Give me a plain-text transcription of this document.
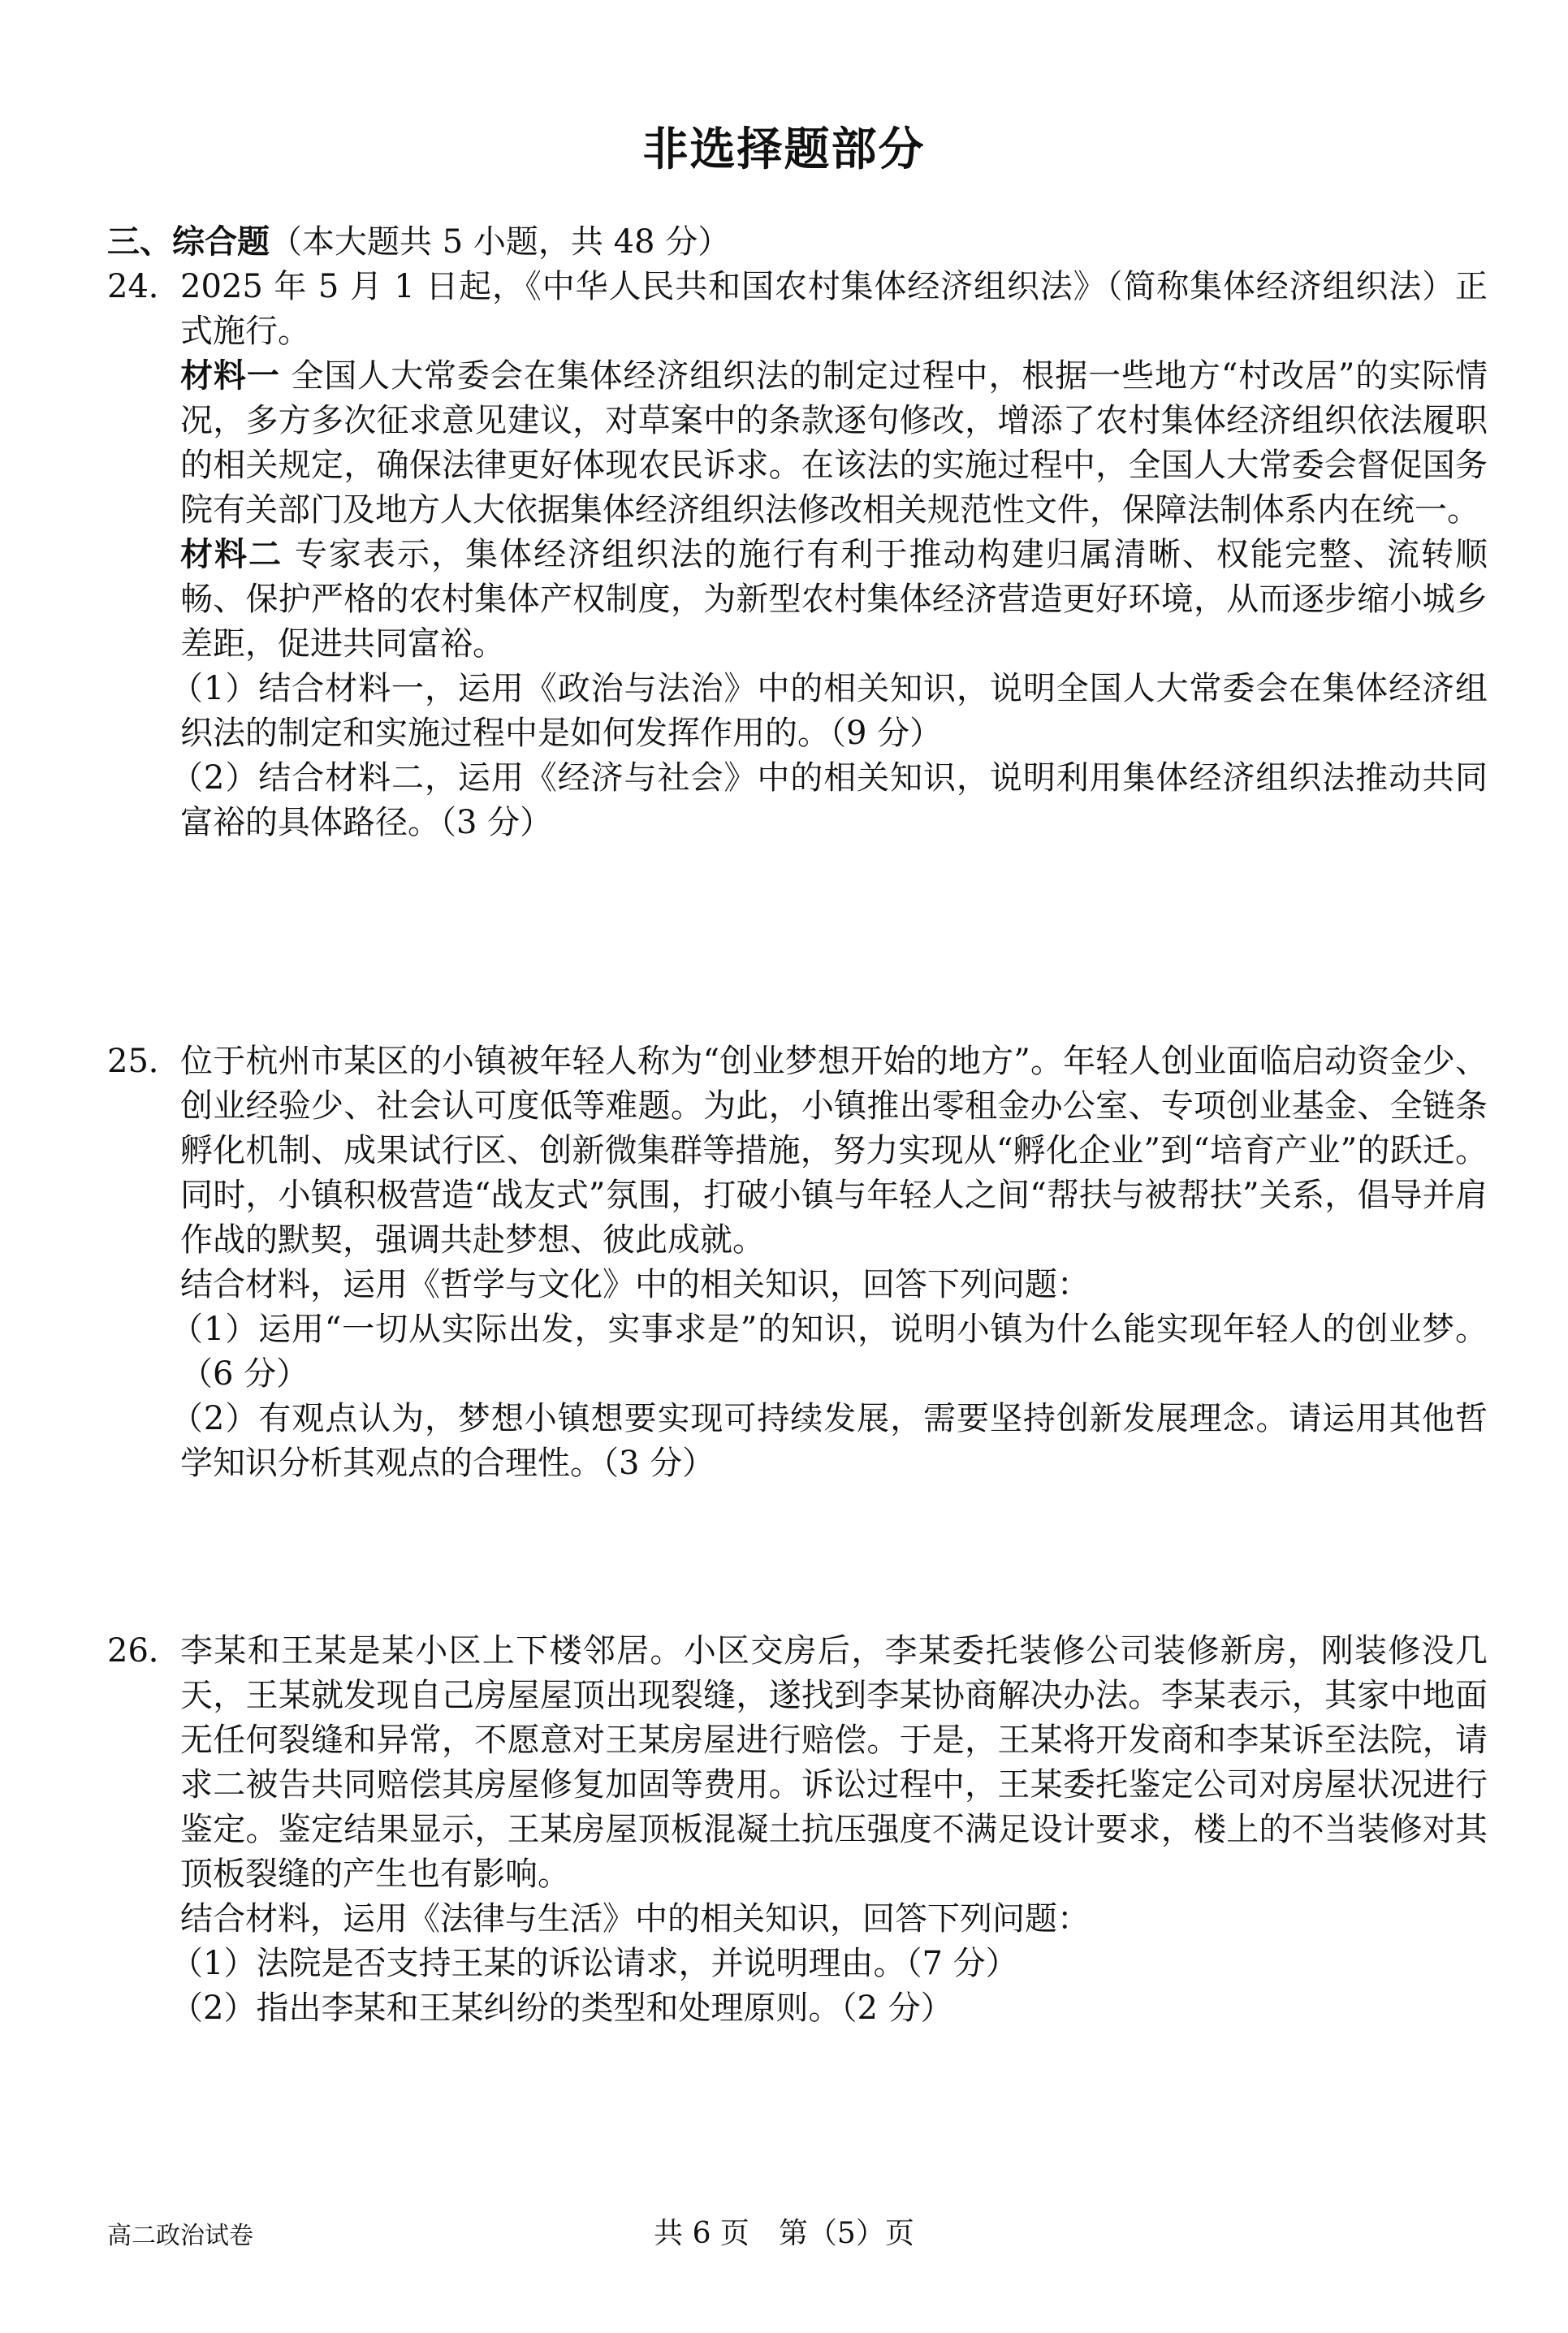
非选择题部分
三、综合题（本大题共 5 小题，共 48 分）
24． 2025 年 5 月 1 日起，《中华人民共和国农村集体经济组织法》（简称集体经济组织法）正式施行。

材料一 全国人大常委会在集体经济组织法的制定过程中，根据一些地方“村改居”的实际情况，多方多次征求意见建议，对草案中的条款逐句修改，增添了农村集体经济组织依法履职的相关规定，确保法律更好体现农民诉求。在该法的实施过程中，全国人大常委会督促国务院有关部门及地方人大依据集体经济组织法修改相关规范性文件，保障法制体系内在统一。

材料二 专家表示，集体经济组织法的施行有利于推动构建归属清晰、权能完整、流转顺畅、保护严格的农村集体产权制度，为新型农村集体经济营造更好环境，从而逐步缩小城乡差距，促进共同富裕。

（1）结合材料一，运用《政治与法治》中的相关知识，说明全国人大常委会在集体经济组织法的制定和实施过程中是如何发挥作用的。（9 分）

（2）结合材料二，运用《经济与社会》中的相关知识，说明利用集体经济组织法推动共同富裕的具体路径。（3 分）

25． 位于杭州市某区的小镇被年轻人称为“创业梦想开始的地方”。年轻人创业面临启动资金少、创业经验少、社会认可度低等难题。为此，小镇推出零租金办公室、专项创业基金、全链条孵化机制、成果试行区、创新微集群等措施，努力实现从“孵化企业”到“培育产业”的跃迁。同时，小镇积极营造“战友式”氛围，打破小镇与年轻人之间“帮扶与被帮扶”关系，倡导并肩作战的默契，强调共赴梦想、彼此成就。

结合材料，运用《哲学与文化》中的相关知识，回答下列问题：

（1）运用“一切从实际出发，实事求是”的知识，说明小镇为什么能实现年轻人的创业梦。（6 分）

（2）有观点认为，梦想小镇想要实现可持续发展，需要坚持创新发展理念。请运用其他哲学知识分析其观点的合理性。（3 分）

26． 李某和王某是某小区上下楼邻居。小区交房后，李某委托装修公司装修新房，刚装修没几天，王某就发现自己房屋屋顶出现裂缝，遂找到李某协商解决办法。李某表示，其家中地面无任何裂缝和异常，不愿意对王某房屋进行赔偿。于是，王某将开发商和李某诉至法院，请求二被告共同赔偿其房屋修复加固等费用。诉讼过程中，王某委托鉴定公司对房屋状况进行鉴定。鉴定结果显示，王某房屋顶板混凝土抗压强度不满足设计要求，楼上的不当装修对其顶板裂缝的产生也有影响。

结合材料，运用《法律与生活》中的相关知识，回答下列问题：

（1）法院是否支持王某的诉讼请求，并说明理由。（7 分）

（2）指出李某和王某纠纷的类型和处理原则。（2 分）

高二政治试卷	共 6 页　第（5）页
